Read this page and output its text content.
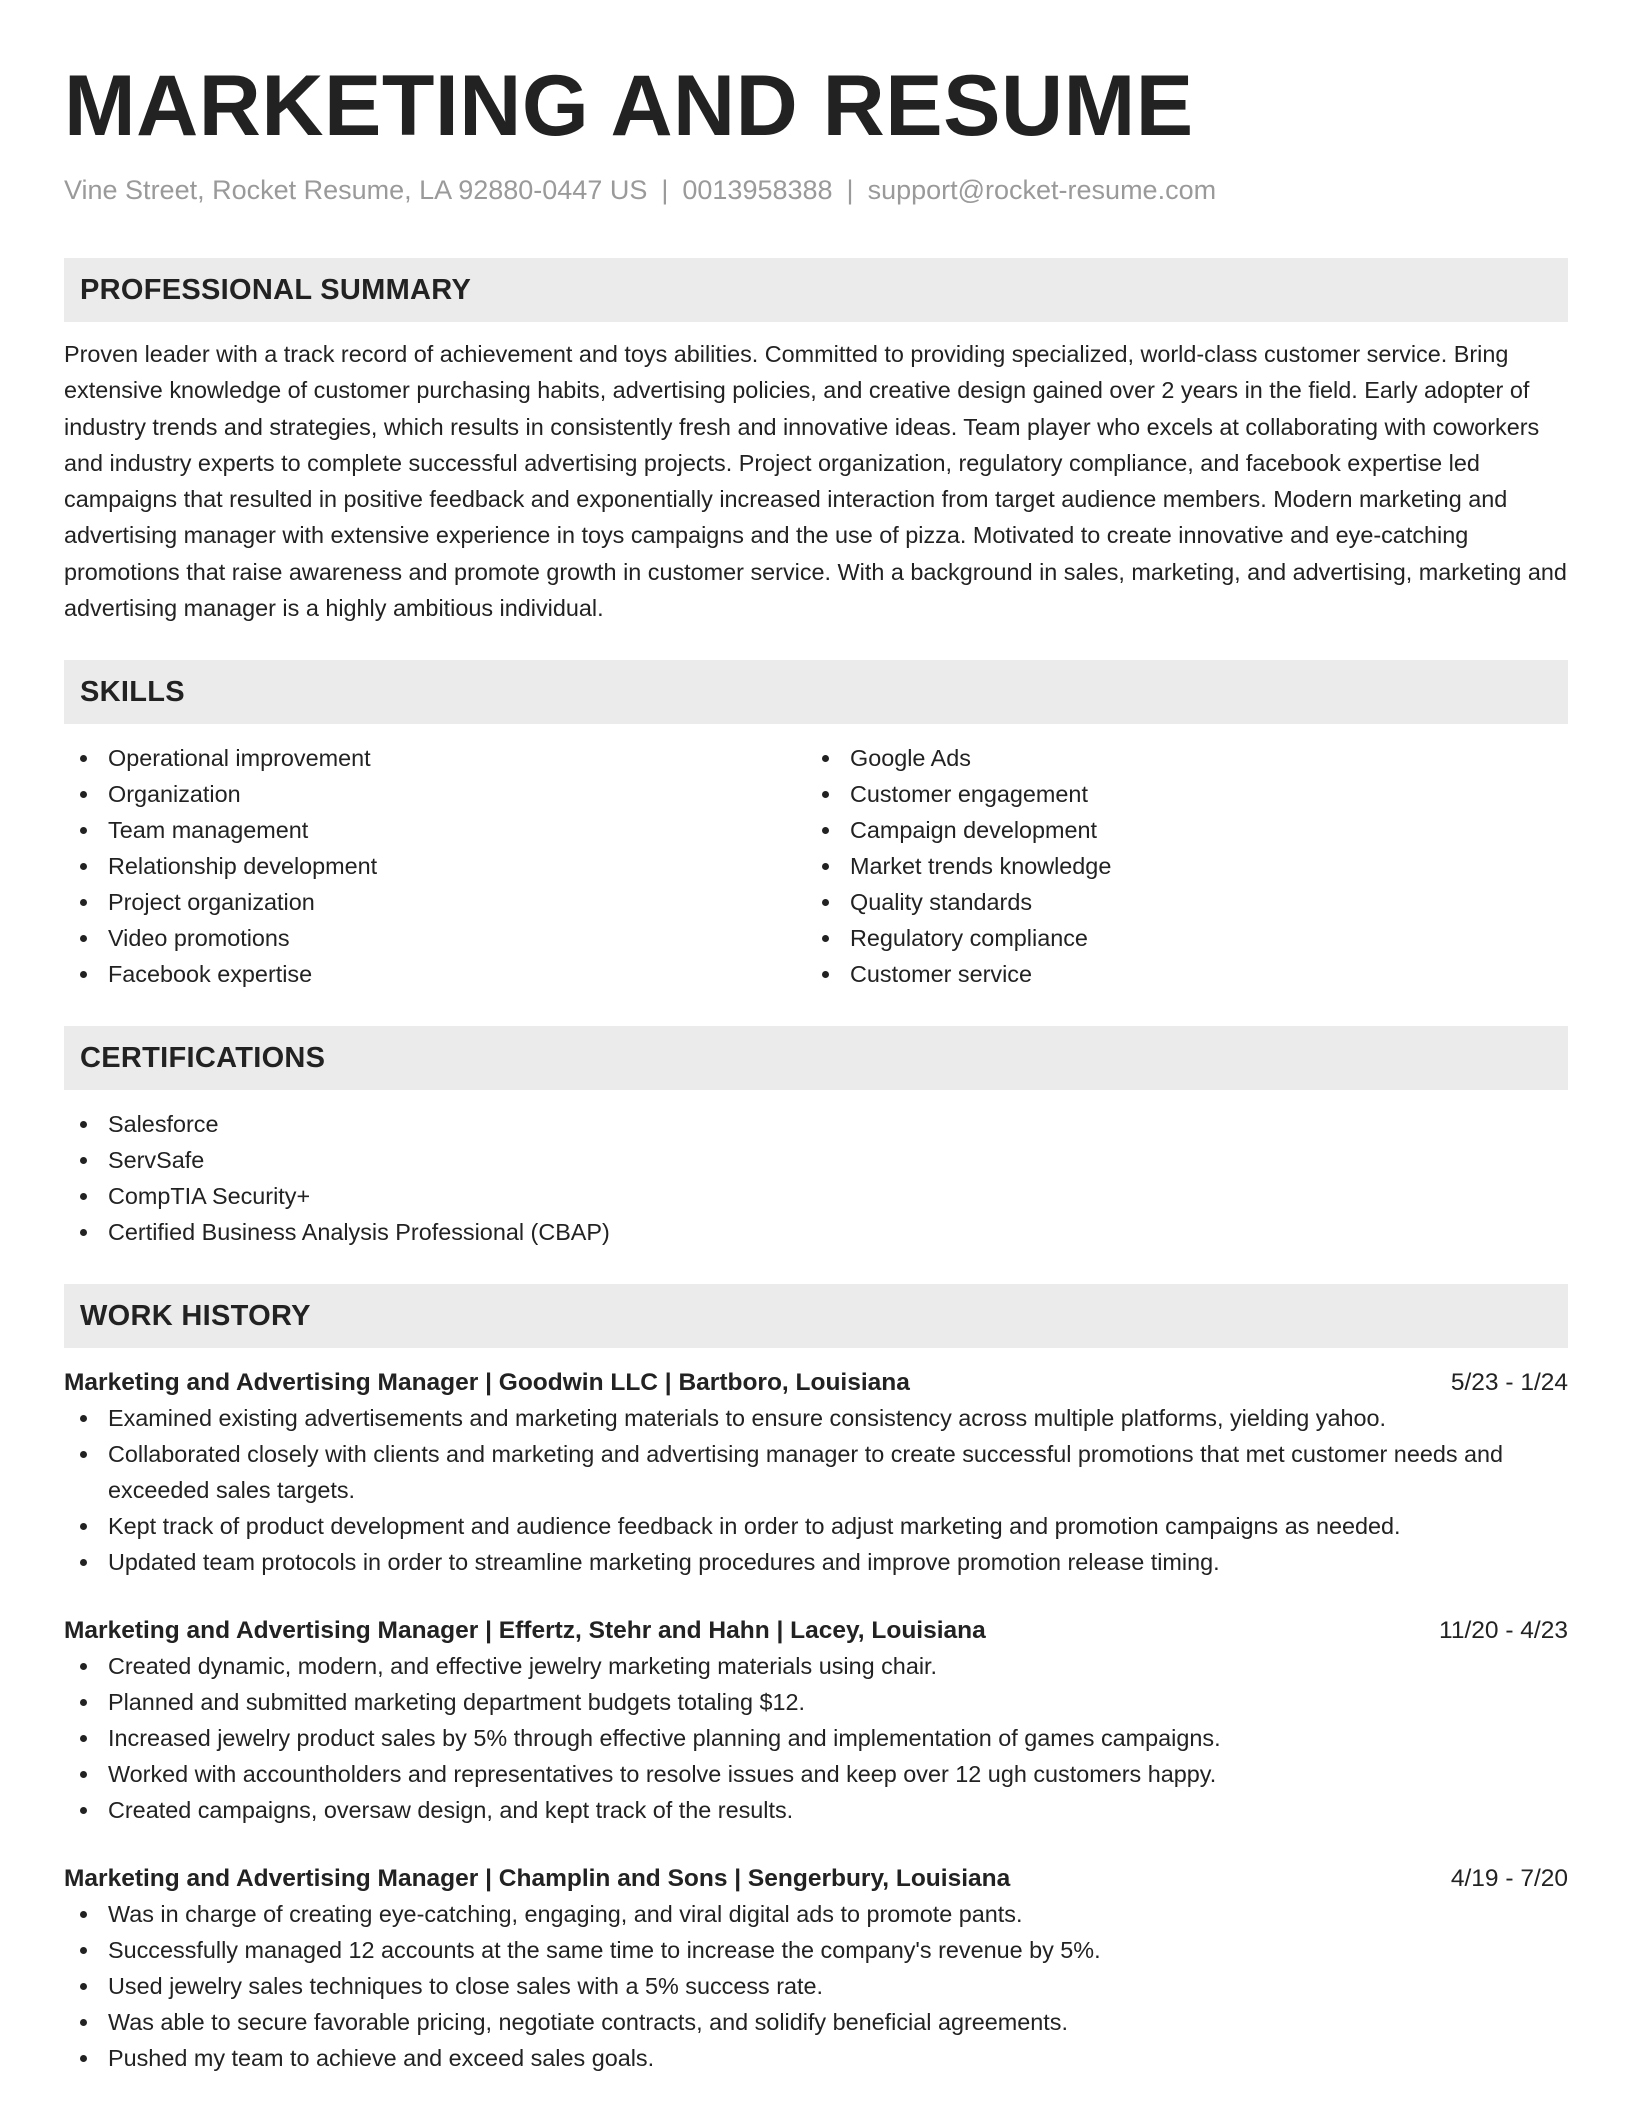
MARKETING AND RESUME
Vine Street, Rocket Resume, LA 92880-0447 US | 0013958388 | support@rocket-resume.com
PROFESSIONAL SUMMARY

Proven leader with a track record of achievement and toys abilities. Committed to providing specialized, world-class customer service. Bring extensive knowledge of customer purchasing habits, advertising policies, and creative design gained over 2 years in the field. Early adopter of industry trends and strategies, which results in consistently fresh and innovative ideas. Team player who excels at collaborating with coworkers and industry experts to complete successful advertising projects. Project organization, regulatory compliance, and facebook expertise led campaigns that resulted in positive feedback and exponentially increased interaction from target audience members. Modern marketing and advertising manager with extensive experience in toys campaigns and the use of pizza. Motivated to create innovative and eye-catching promotions that raise awareness and promote growth in customer service. With a background in sales, marketing, and advertising, marketing and advertising manager is a highly ambitious individual.

SKILLS
Operational improvement
Organization
Team management
Relationship development
Project organization
Video promotions
Facebook expertise
Google Ads
Customer engagement
Campaign development
Market trends knowledge
Quality standards
Regulatory compliance
Customer service
CERTIFICATIONS
Salesforce
ServSafe
CompTIA Security+
Certified Business Analysis Professional (CBAP)
WORK HISTORY
Marketing and Advertising Manager | Goodwin LLC | Bartboro, Louisiana	5/23 - 1/24
Examined existing advertisements and marketing materials to ensure consistency across multiple platforms, yielding yahoo.
Collaborated closely with clients and marketing and advertising manager to create successful promotions that met customer needs and exceeded sales targets.
Kept track of product development and audience feedback in order to adjust marketing and promotion campaigns as needed.
Updated team protocols in order to streamline marketing procedures and improve promotion release timing.
Marketing and Advertising Manager | Effertz, Stehr and Hahn | Lacey, Louisiana	11/20 - 4/23
Created dynamic, modern, and effective jewelry marketing materials using chair.
Planned and submitted marketing department budgets totaling $12.
Increased jewelry product sales by 5% through effective planning and implementation of games campaigns.
Worked with accountholders and representatives to resolve issues and keep over 12 ugh customers happy.
Created campaigns, oversaw design, and kept track of the results.
Marketing and Advertising Manager | Champlin and Sons | Sengerbury, Louisiana	4/19 - 7/20
Was in charge of creating eye-catching, engaging, and viral digital ads to promote pants.
Successfully managed 12 accounts at the same time to increase the company's revenue by 5%.
Used jewelry sales techniques to close sales with a 5% success rate.
Was able to secure favorable pricing, negotiate contracts, and solidify beneficial agreements.
Pushed my team to achieve and exceed sales goals.
